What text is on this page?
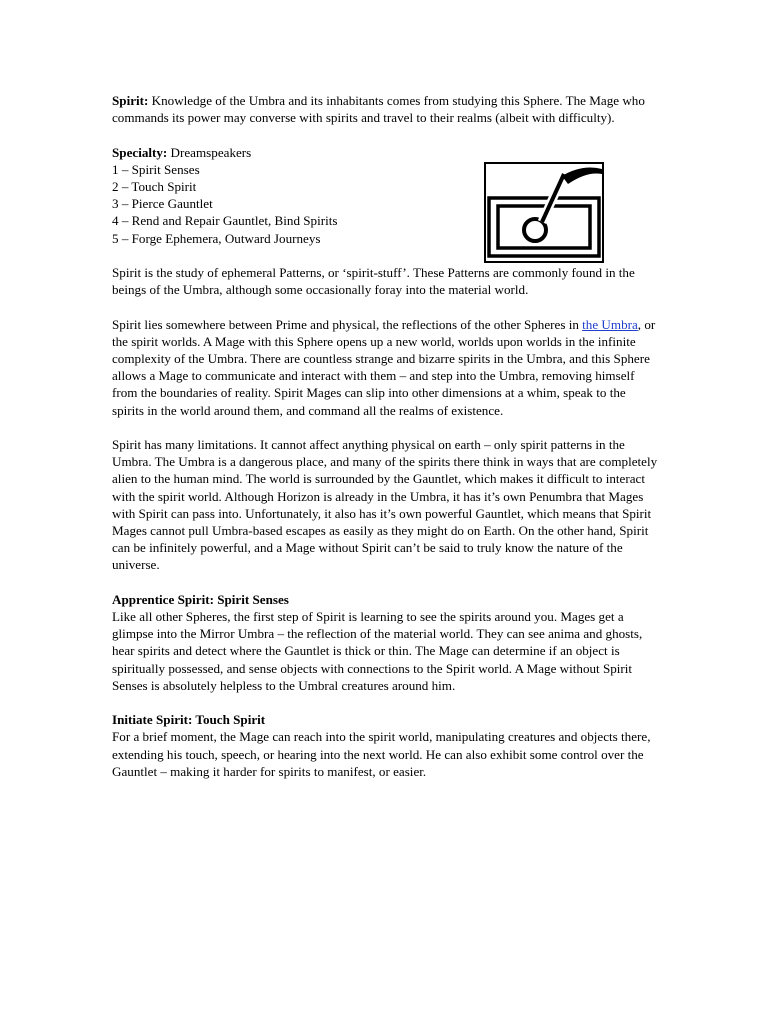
Spirit: Knowledge of the Umbra and its inhabitants comes from studying this Sphere. The Mage who commands its power may converse with spirits and travel to their realms (albeit with difficulty).

Specialty: Dreamspeakers
1 – Spirit Senses
2 – Touch Spirit
3 – Pierce Gauntlet
4 – Rend and Repair Gauntlet, Bind Spirits
5 – Forge Ephemera, Outward Journeys

Spirit is the study of ephemeral Patterns, or ‘spirit-stuff’. These Patterns are commonly found in the beings of the Umbra, although some occasionally foray into the material world.

Spirit lies somewhere between Prime and physical, the reflections of the other Spheres in the Umbra, or the spirit worlds. A Mage with this Sphere opens up a new world, worlds upon worlds in the infinite complexity of the Umbra. There are countless strange and bizarre spirits in the Umbra, and this Sphere allows a Mage to communicate and interact with them – and step into the Umbra, removing himself from the boundaries of reality. Spirit Mages can slip into other dimensions at a whim, speak to the spirits in the world around them, and command all the realms of existence.

Spirit has many limitations. It cannot affect anything physical on earth – only spirit patterns in the Umbra. The Umbra is a dangerous place, and many of the spirits there think in ways that are completely alien to the human mind. The world is surrounded by the Gauntlet, which makes it difficult to interact with the spirit world. Although Horizon is already in the Umbra, it has it’s own Penumbra that Mages with Spirit can pass into. Unfortunately, it also has it’s own powerful Gauntlet, which means that Spirit Mages cannot pull Umbra-based escapes as easily as they might do on Earth. On the other hand, Spirit can be infinitely powerful, and a Mage without Spirit can’t be said to truly know the nature of the universe.

Apprentice Spirit: Spirit Senses

Like all other Spheres, the first step of Spirit is learning to see the spirits around you. Mages get a glimpse into the Mirror Umbra – the reflection of the material world. They can see anima and ghosts, hear spirits and detect where the Gauntlet is thick or thin. The Mage can determine if an object is spiritually possessed, and sense objects with connections to the Spirit world. A Mage without Spirit Senses is absolutely helpless to the Umbral creatures around him.

Initiate Spirit: Touch Spirit

For a brief moment, the Mage can reach into the spirit world, manipulating creatures and objects there, extending his touch, speech, or hearing into the next world. He can also exhibit some control over the Gauntlet – making it harder for spirits to manifest, or easier.
